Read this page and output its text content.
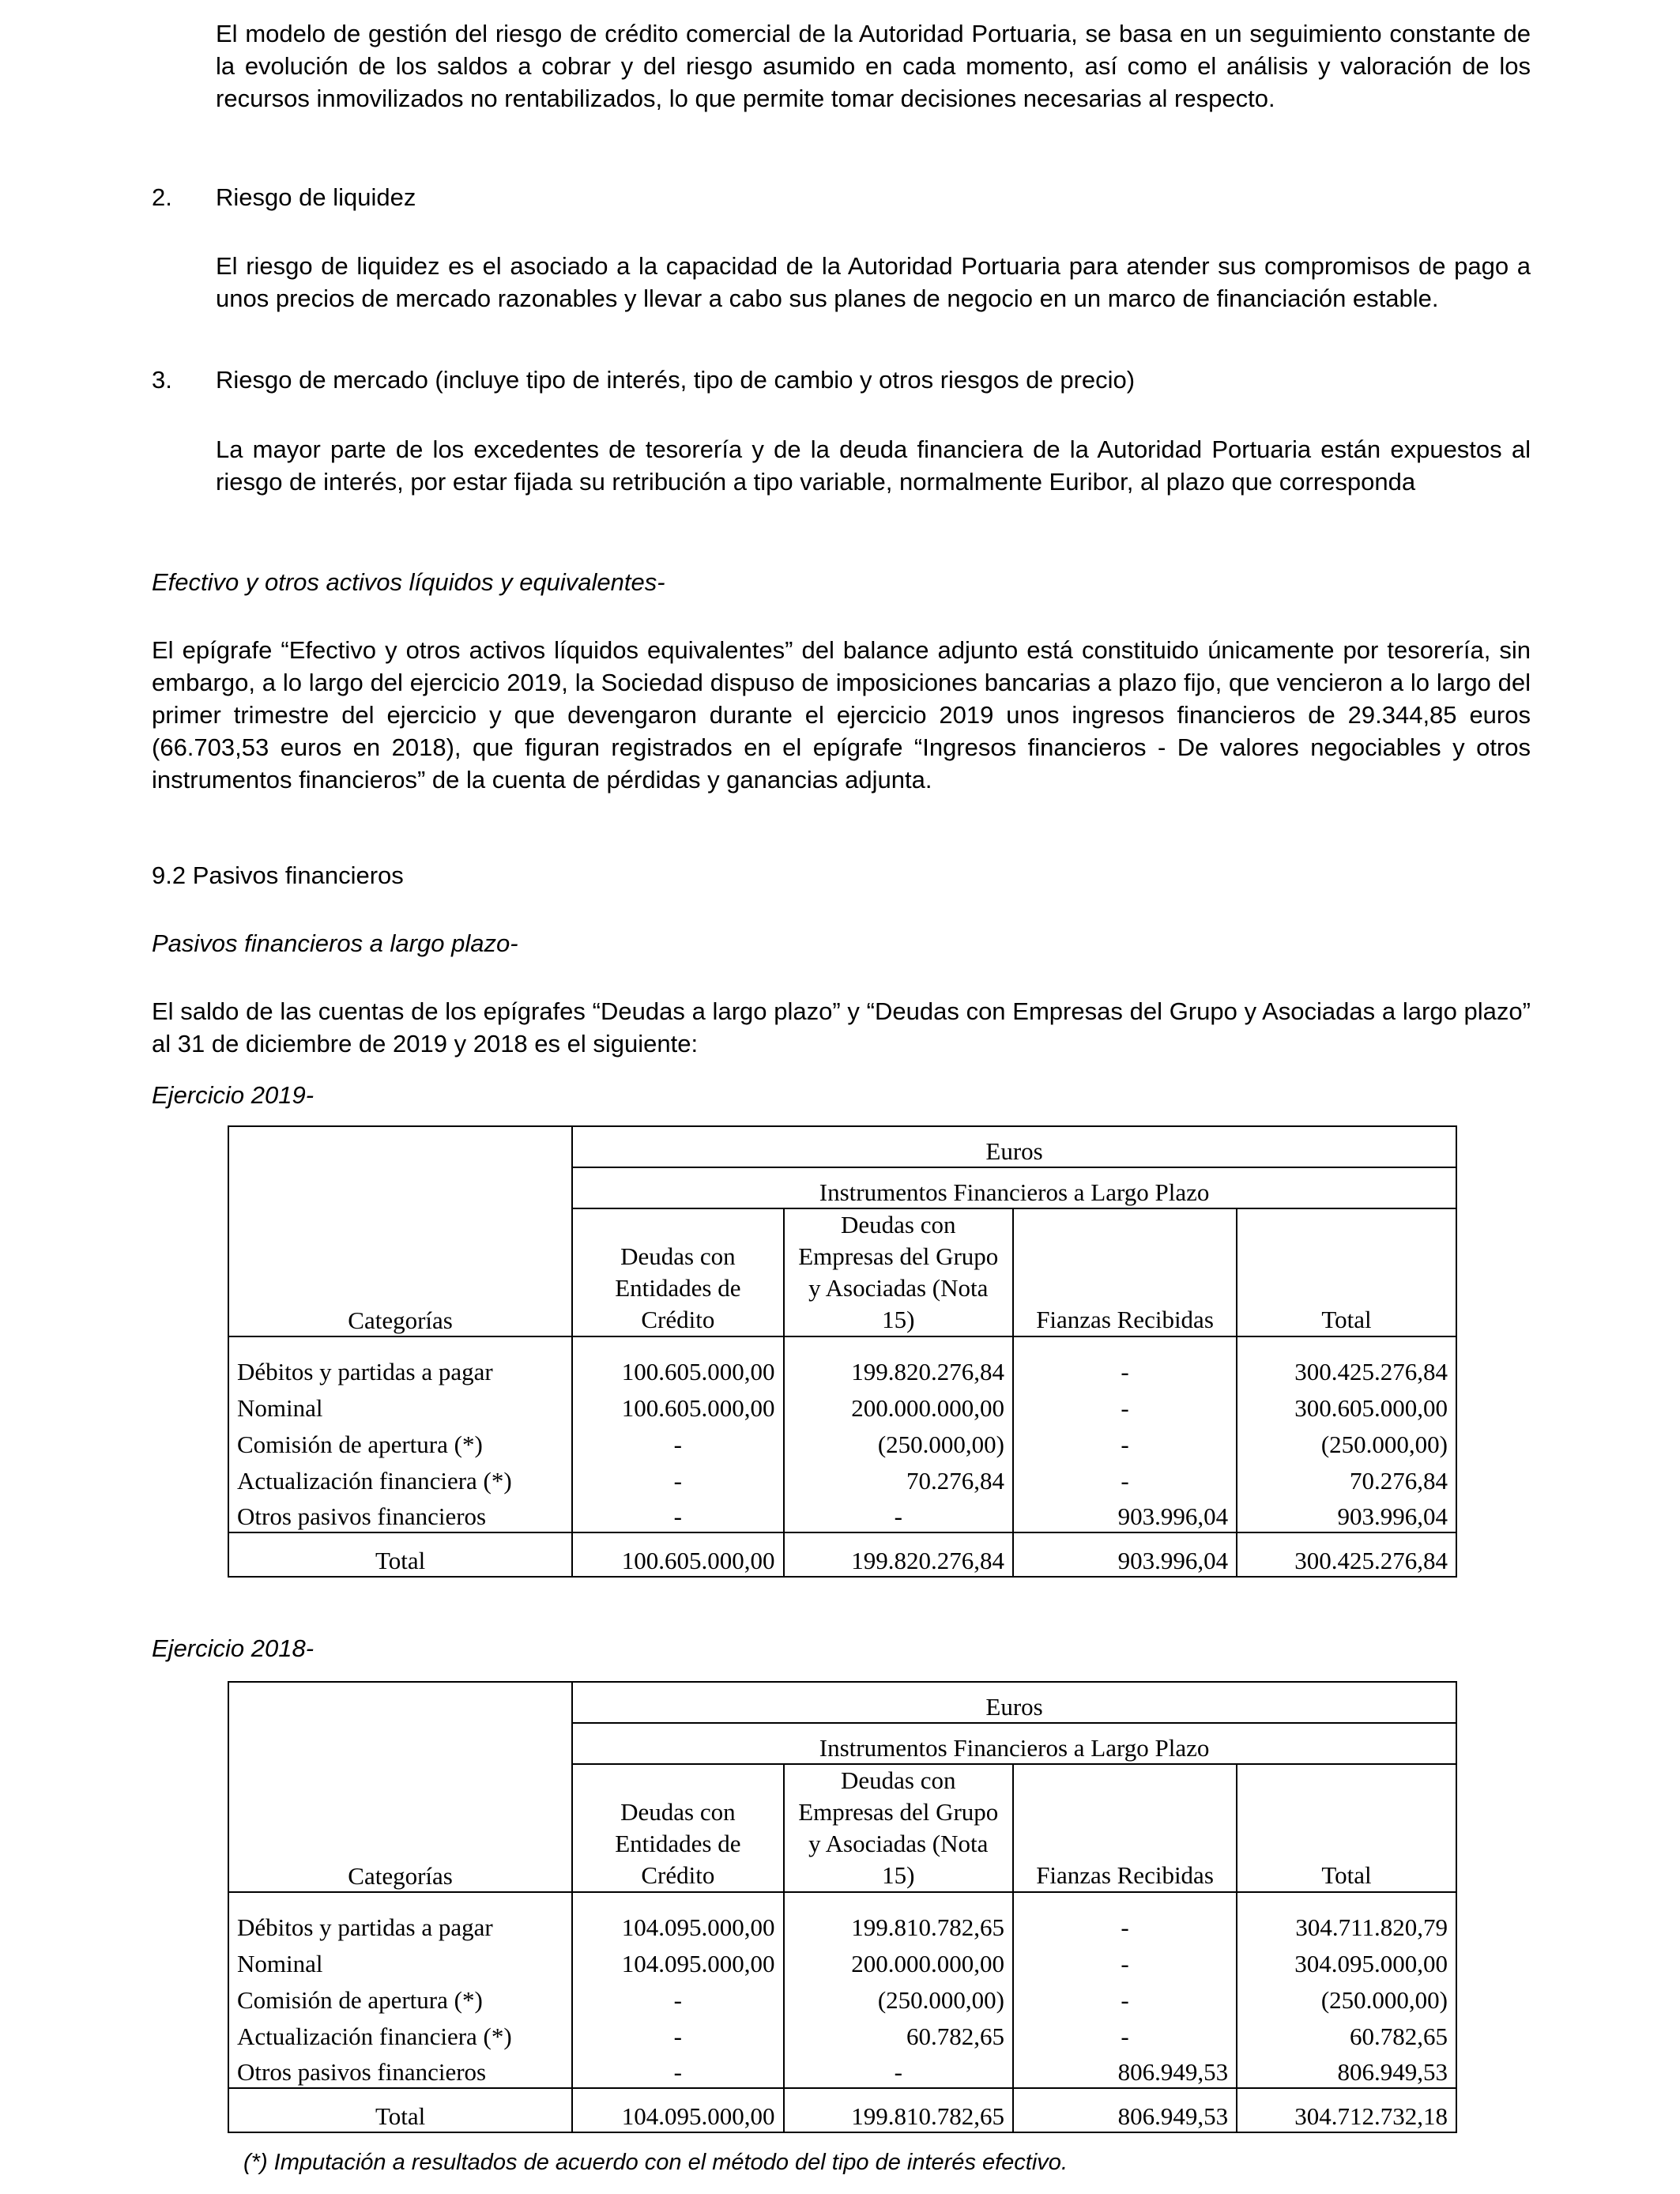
El modelo de gestión del riesgo de crédito comercial de la Autoridad Portuaria, se basa en un seguimiento constante de la evolución de los saldos a cobrar y del riesgo asumido en cada momento, así como el análisis y valoración de los recursos inmovilizados no rentabilizados, lo que permite tomar decisiones necesarias al respecto.

2. Riesgo de liquidez

El riesgo de liquidez es el asociado a la capacidad de la Autoridad Portuaria para atender sus compromisos de pago a unos precios de mercado razonables y llevar a cabo sus planes de negocio en un marco de financiación estable.

3. Riesgo de mercado (incluye tipo de interés, tipo de cambio y otros riesgos de precio)

La mayor parte de los excedentes de tesorería y de la deuda financiera de la Autoridad Portuaria están expuestos al riesgo de interés, por estar fijada su retribución a tipo variable, normalmente Euribor, al plazo que corresponda

Efectivo y otros activos líquidos y equivalentes-

El epígrafe “Efectivo y otros activos líquidos equivalentes” del balance adjunto está constituido únicamente por tesorería, sin embargo, a lo largo del ejercicio 2019, la Sociedad dispuso de imposiciones bancarias a plazo fijo, que vencieron a lo largo del primer trimestre del ejercicio y que devengaron durante el ejercicio 2019 unos ingresos financieros de 29.344,85 euros (66.703,53 euros en 2018), que figuran registrados en el epígrafe “Ingresos financieros - De valores negociables y otros instrumentos financieros” de la cuenta de pérdidas y ganancias adjunta.

9.2 Pasivos financieros

Pasivos financieros a largo plazo-

El saldo de las cuentas de los epígrafes “Deudas a largo plazo” y “Deudas con Empresas del Grupo y Asociadas a largo plazo” al 31 de diciembre de 2019 y 2018 es el siguiente:

Ejercicio 2019-

Categorías	Euros			
	Instrumentos Financieros a Largo Plazo			
	Deudas con Entidades de Crédito	Deudas con Empresas del Grupo y Asociadas (Nota 15)	Fianzas Recibidas	Total
Débitos y partidas a pagar	100.605.000,00	199.820.276,84	-	300.425.276,84
Nominal	100.605.000,00	200.000.000,00	-	300.605.000,00
Comisión de apertura (*)	-	(250.000,00)	-	(250.000,00)
Actualización financiera (*)	-	70.276,84	-	70.276,84
Otros pasivos financieros	-	-	903.996,04	903.996,04
Total	100.605.000,00	199.820.276,84	903.996,04	300.425.276,84

Ejercicio 2018-

Categorías	Euros			
	Instrumentos Financieros a Largo Plazo			
	Deudas con Entidades de Crédito	Deudas con Empresas del Grupo y Asociadas (Nota 15)	Fianzas Recibidas	Total
Débitos y partidas a pagar	104.095.000,00	199.810.782,65	-	304.711.820,79
Nominal	104.095.000,00	200.000.000,00	-	304.095.000,00
Comisión de apertura (*)	-	(250.000,00)	-	(250.000,00)
Actualización financiera (*)	-	60.782,65	-	60.782,65
Otros pasivos financieros	-	-	806.949,53	806.949,53
Total	104.095.000,00	199.810.782,65	806.949,53	304.712.732,18

(*) Imputación a resultados de acuerdo con el método del tipo de interés efectivo.
